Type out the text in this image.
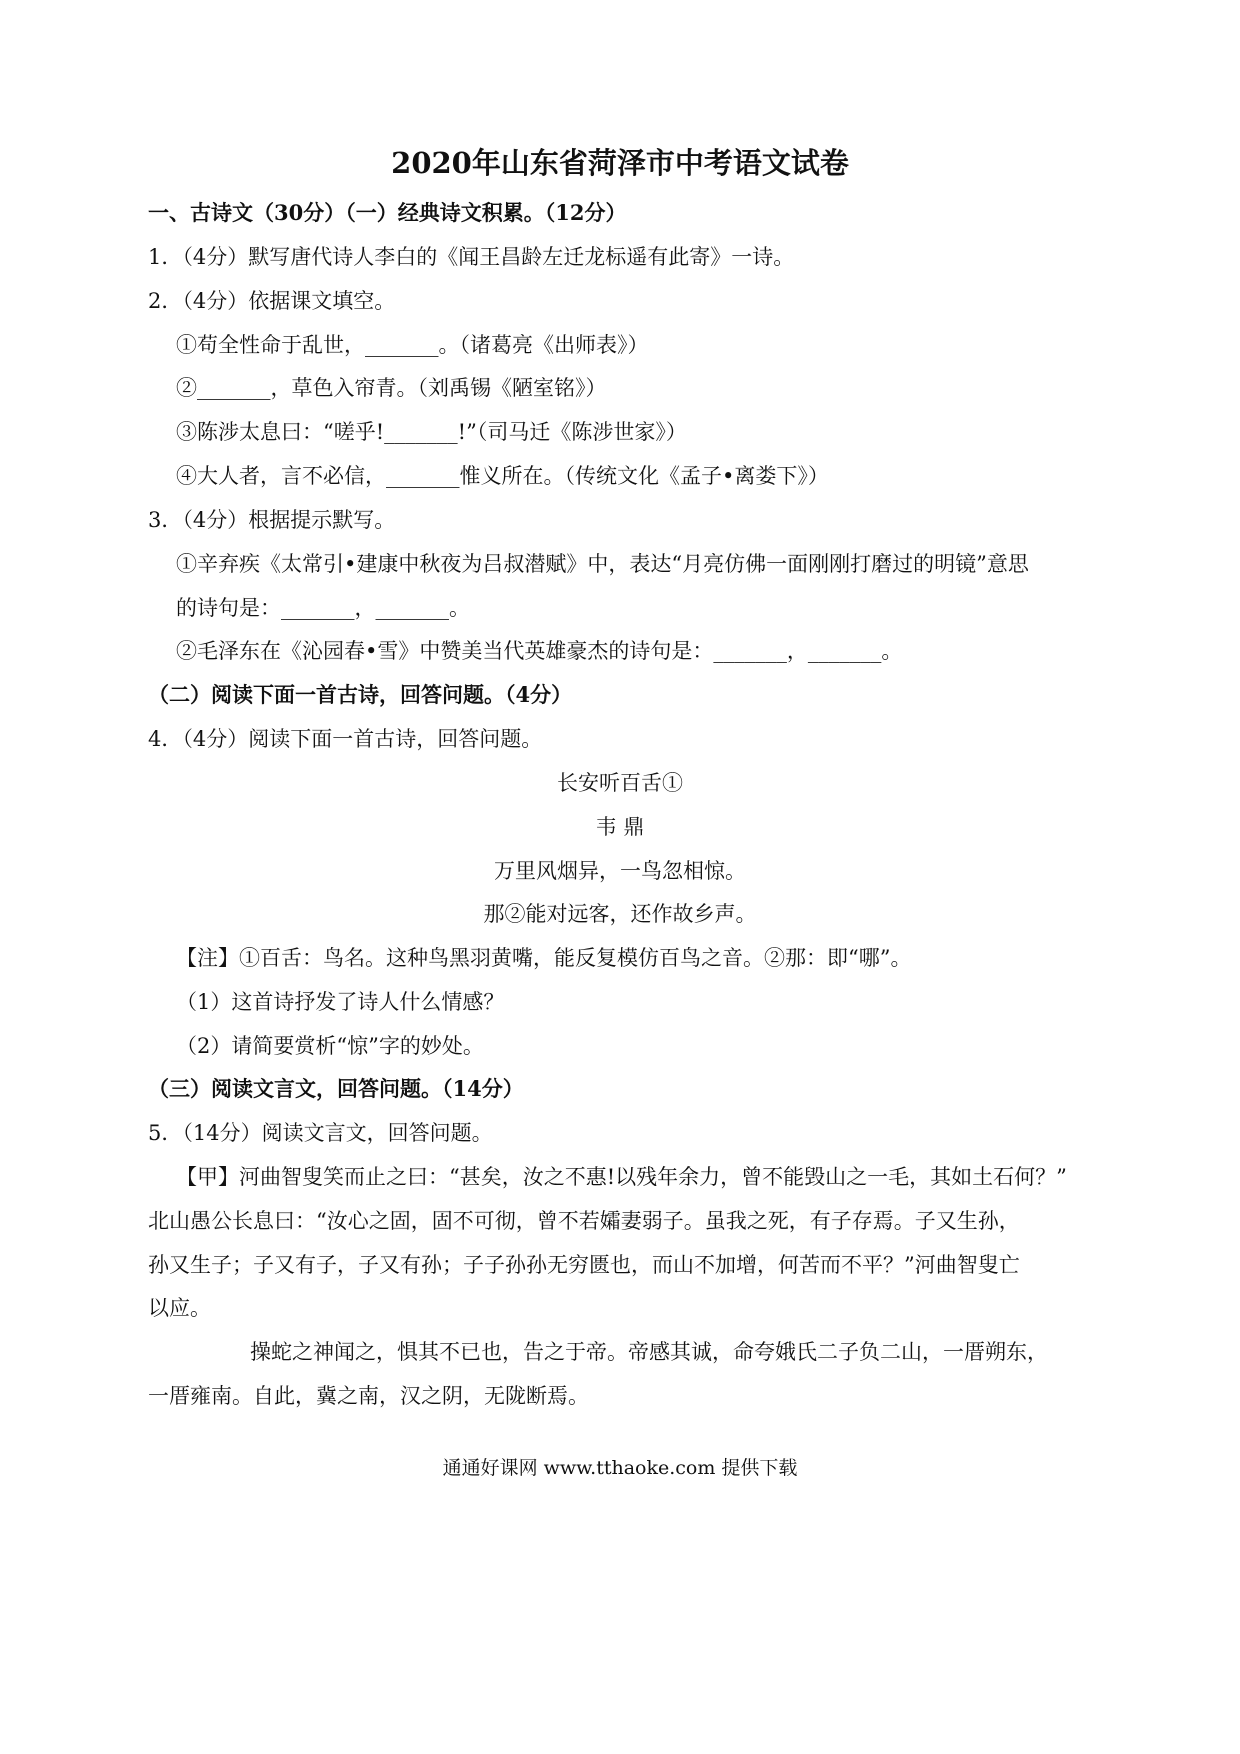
2020年山东省菏泽市中考语文试卷
一、古诗文（30分）（一）经典诗文积累。（12分）
1．（4分）默写唐代诗人李白的《闻王昌龄左迁龙标遥有此寄》一诗。
2．（4分）依据课文填空。
①苟全性命于乱世，_______。（诸葛亮《出师表》）
②_______，草色入帘青。（刘禹锡《陋室铭》）
③陈涉太息曰：“嗟乎!_______!”（司马迁《陈涉世家》）
④大人者，言不必信，_______惟义所在。（传统文化《孟子•离娄下》）
3．（4分）根据提示默写。
①辛弃疾《太常引•建康中秋夜为吕叔潜赋》中，表达“月亮仿佛一面刚刚打磨过的明镜”意思
的诗句是：_______，_______。
②毛泽东在《沁园春•雪》中赞美当代英雄豪杰的诗句是：_______，_______。
（二）阅读下面一首古诗，回答问题。（4分）
4．（4分）阅读下面一首古诗，回答问题。
长安听百舌①
韦 鼎
万里风烟异，一鸟忽相惊。
那②能对远客，还作故乡声。
【注】①百舌：鸟名。这种鸟黑羽黄嘴，能反复模仿百鸟之音。②那：即“哪”。
（1）这首诗抒发了诗人什么情感？
（2）请简要赏析“惊”字的妙处。
（三）阅读文言文，回答问题。（14分）
5．（14分）阅读文言文，回答问题。
【甲】河曲智叟笑而止之曰：“甚矣，汝之不惠!以残年余力，曾不能毁山之一毛，其如土石何？”
北山愚公长息曰：“汝心之固，固不可彻，曾不若孀妻弱子。虽我之死，有子存焉。子又生孙，
孙又生子；子又有子，子又有孙；子子孙孙无穷匮也，而山不加增，何苦而不平？”河曲智叟亡
以应。
操蛇之神闻之，惧其不已也，告之于帝。帝感其诚，命夸娥氏二子负二山，一厝朔东，
一厝雍南。自此，冀之南，汉之阴，无陇断焉。
通通好课网 www.tthaoke.com 提供下载
